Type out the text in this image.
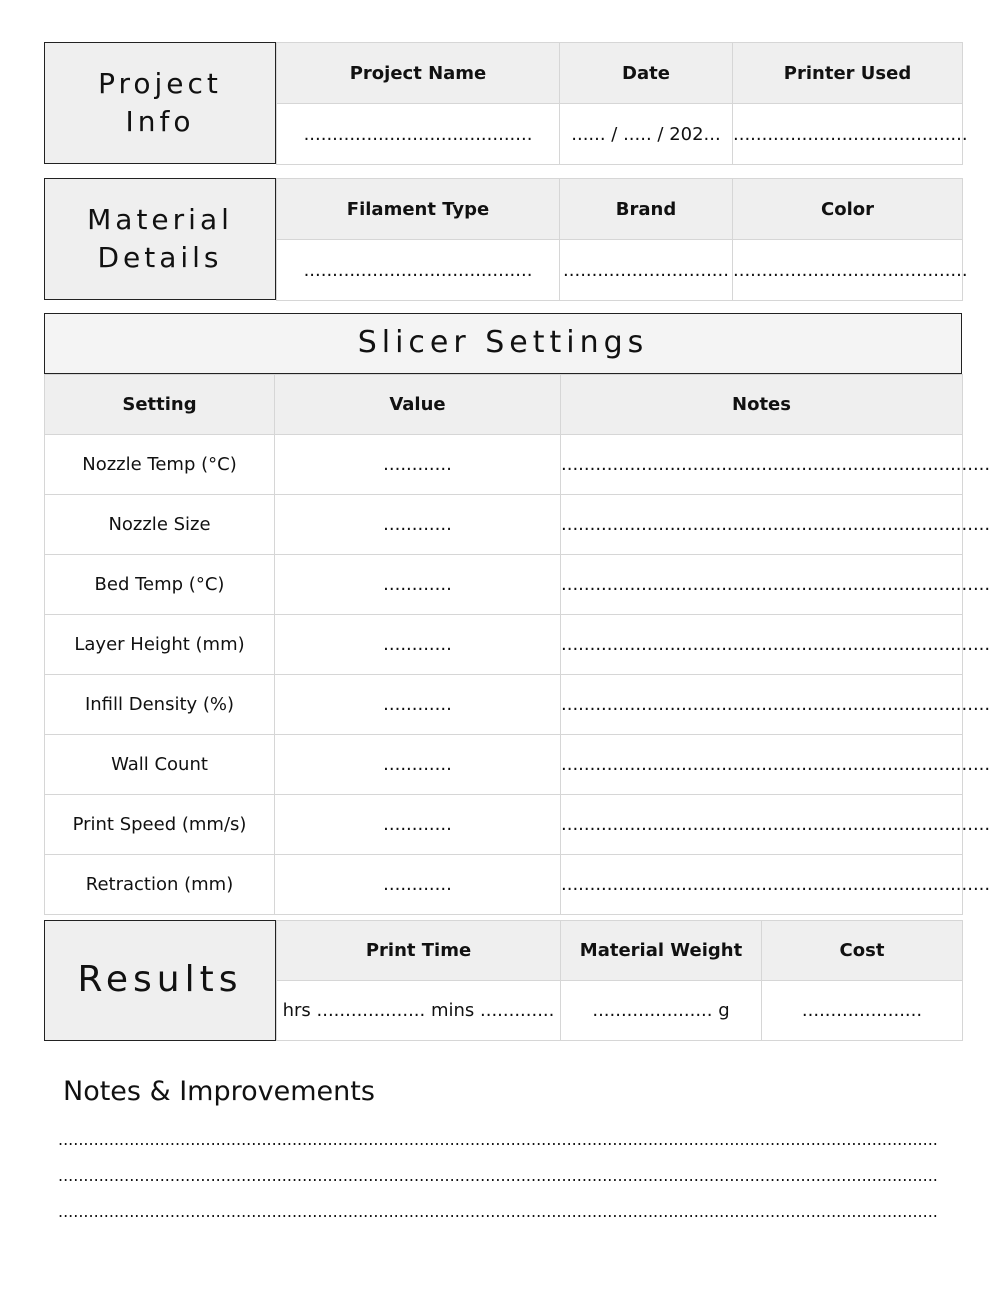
Project
Info
Project Name	Date	Printer Used
........................................	...... / ..... / 202...	.........................................
Material
Details
Filament Type	Brand	Color
........................................	.............................	.........................................
Slicer Settings
Setting	Value	Notes
Nozzle Temp (°C)	............	...........................................................................
Nozzle Size	............	...........................................................................
Bed Temp (°C)	............	...........................................................................
Layer Height (mm)	............	...........................................................................
Infill Density (%)	............	...........................................................................
Wall Count	............	...........................................................................
Print Speed (mm/s)	............	...........................................................................
Retraction (mm)	............	...........................................................................
Results
Print Time	Material Weight	Cost
hrs ................... mins .............	..................... g	.....................
Notes & Improvements
.............................................................................................................................................................................
.............................................................................................................................................................................
.............................................................................................................................................................................
